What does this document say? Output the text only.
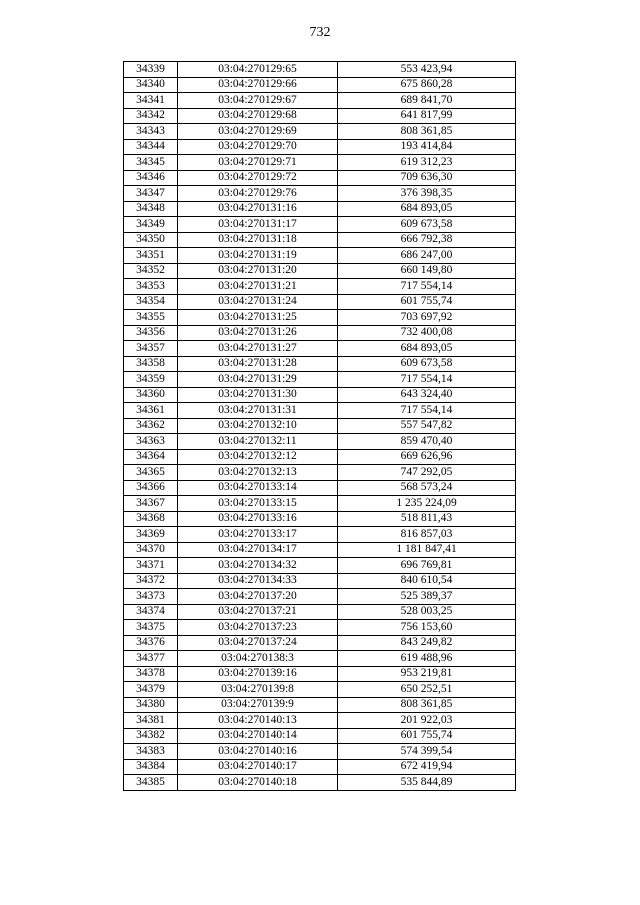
732
34339	03:04:270129:65	553 423,94
34340	03:04:270129:66	675 860,28
34341	03:04:270129:67	689 841,70
34342	03:04:270129:68	641 817,99
34343	03:04:270129:69	808 361,85
34344	03:04:270129:70	193 414,84
34345	03:04:270129:71	619 312,23
34346	03:04:270129:72	709 636,30
34347	03:04:270129:76	376 398,35
34348	03:04:270131:16	684 893,05
34349	03:04:270131:17	609 673,58
34350	03:04:270131:18	666 792,38
34351	03:04:270131:19	686 247,00
34352	03:04:270131:20	660 149,80
34353	03:04:270131:21	717 554,14
34354	03:04:270131:24	601 755,74
34355	03:04:270131:25	703 697,92
34356	03:04:270131:26	732 400,08
34357	03:04:270131:27	684 893,05
34358	03:04:270131:28	609 673,58
34359	03:04:270131:29	717 554,14
34360	03:04:270131:30	643 324,40
34361	03:04:270131:31	717 554,14
34362	03:04:270132:10	557 547,82
34363	03:04:270132:11	859 470,40
34364	03:04:270132:12	669 626,96
34365	03:04:270132:13	747 292,05
34366	03:04:270133:14	568 573,24
34367	03:04:270133:15	1 235 224,09
34368	03:04:270133:16	518 811,43
34369	03:04:270133:17	816 857,03
34370	03:04:270134:17	1 181 847,41
34371	03:04:270134:32	696 769,81
34372	03:04:270134:33	840 610,54
34373	03:04:270137:20	525 389,37
34374	03:04:270137:21	528 003,25
34375	03:04:270137:23	756 153,60
34376	03:04:270137:24	843 249,82
34377	03:04:270138:3	619 488,96
34378	03:04:270139:16	953 219,81
34379	03:04:270139:8	650 252,51
34380	03:04:270139:9	808 361,85
34381	03:04:270140:13	201 922,03
34382	03:04:270140:14	601 755,74
34383	03:04:270140:16	574 399,54
34384	03:04:270140:17	672 419,94
34385	03:04:270140:18	535 844,89
